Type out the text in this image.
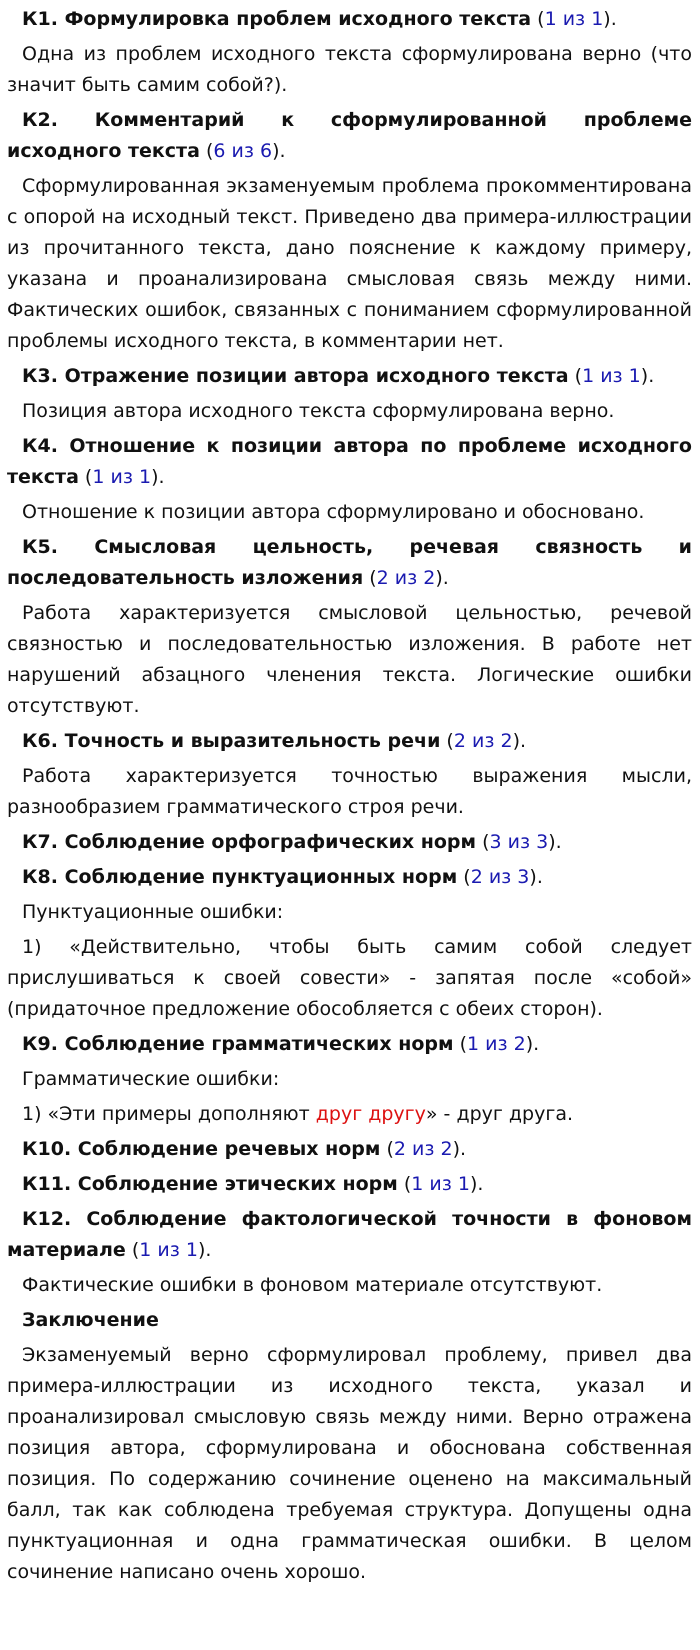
К1. Формулировка проблем исходного текста (1 из 1).

Одна из проблем исходного текста сформулирована верно (что значит быть самим собой?).

К2. Комментарий к сформулированной проблеме исходного текста (6 из 6).

Сформулированная экзаменуемым проблема прокомментирована с опорой на исходный текст. Приведено два примера-иллюстрации из прочитанного текста, дано пояснение к каждому примеру, указана и проанализирована смысловая связь между ними. Фактических ошибок, связанных с пониманием сформулированной проблемы исходного текста, в комментарии нет.

К3. Отражение позиции автора исходного текста (1 из 1).

Позиция автора исходного текста сформулирована верно.

К4. Отношение к позиции автора по проблеме исходного текста (1 из 1).

Отношение к позиции автора сформулировано и обосновано.

К5. Смысловая цельность, речевая связность и последовательность изложения (2 из 2).

Работа характеризуется смысловой цельностью, речевой связностью и последовательностью изложения. В работе нет нарушений абзацного членения текста. Логические ошибки отсутствуют.

К6. Точность и выразительность речи (2 из 2).

Работа характеризуется точностью выражения мысли, разнообразием грамматического строя речи.

К7. Соблюдение орфографических норм (3 из 3).

К8. Соблюдение пунктуационных норм (2 из 3).

Пунктуационные ошибки:

1) «Действительно, чтобы быть самим собой следует прислушиваться к своей совести» - запятая после «собой» (придаточное предложение обособляется с обеих сторон).

К9. Соблюдение грамматических норм (1 из 2).

Грамматические ошибки:

1) «Эти примеры дополняют друг другу» - друг друга.

К10. Соблюдение речевых норм (2 из 2).

К11. Соблюдение этических норм (1 из 1).

К12. Соблюдение фактологической точности в фоновом материале (1 из 1).

Фактические ошибки в фоновом материале отсутствуют.

Заключение

Экзаменуемый верно сформулировал проблему, привел два примера-иллюстрации из исходного текста, указал и проанализировал смысловую связь между ними. Верно отражена позиция автора, сформулирована и обоснована собственная позиция. По содержанию сочинение оценено на максимальный балл, так как соблюдена требуемая структура. Допущены одна пунктуационная и одна грамматическая ошибки. В целом сочинение написано очень хорошо.
